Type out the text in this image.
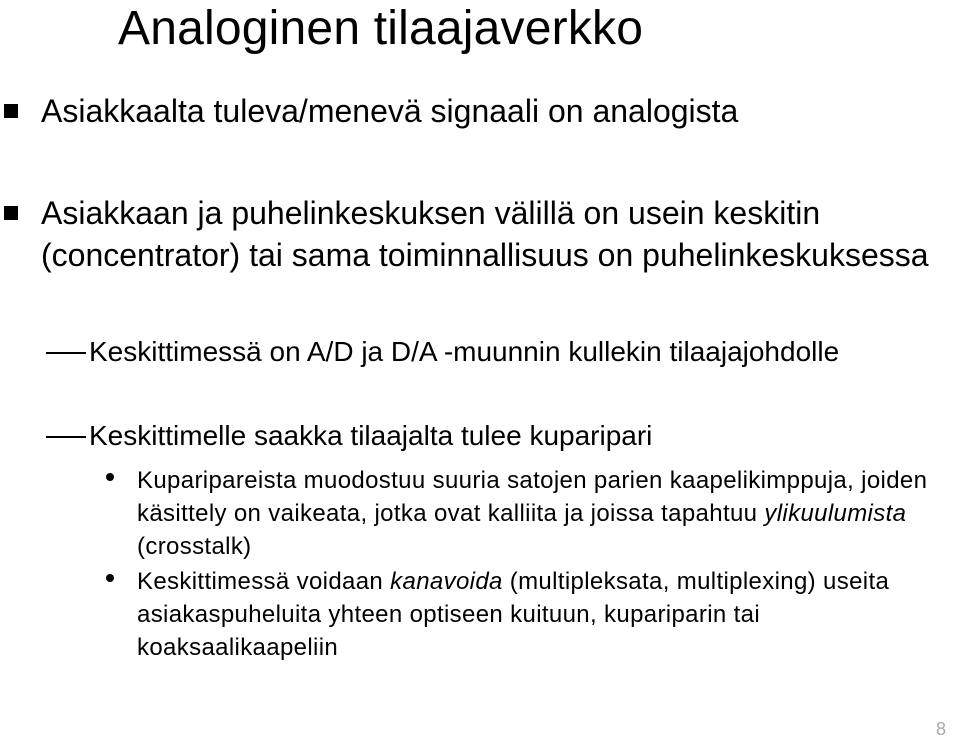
Analoginen tilaajaverkko
Asiakkaalta tuleva/menevä signaali on analogista
Asiakkaan ja puhelinkeskuksen välillä on usein keskitin (concentrator) tai sama toiminnallisuus on puhelinkeskuksessa
Keskittimessä on A/D ja D/A -muunnin kullekin tilaajajohdolle
Keskittimelle saakka tilaajalta tulee kuparipari
Kuparipareista muodostuu suuria satojen parien kaapelikimppuja, joiden käsittely on vaikeata, jotka ovat kalliita ja joissa tapahtuu ylikuulumista (crosstalk)
Keskittimessä voidaan kanavoida (multipleksata, multiplexing) useita asiakaspuheluita yhteen optiseen kuituun, kupariparin tai koaksaalikaapeliin
8
